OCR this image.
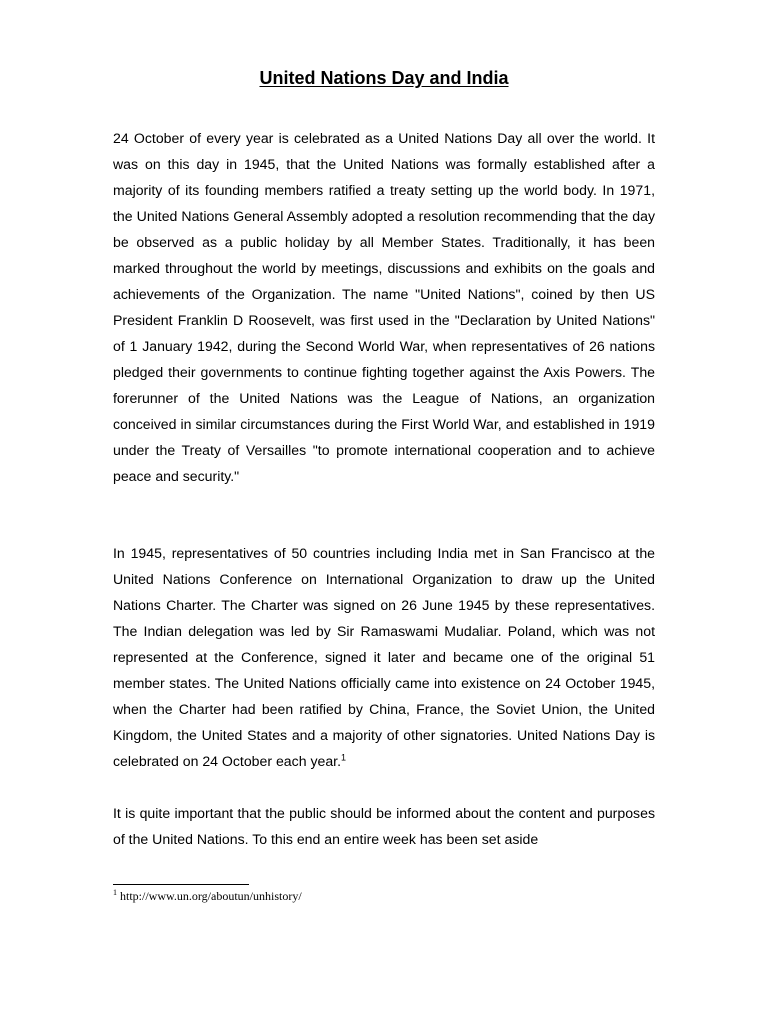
United Nations Day and India

24 October of every year is celebrated as a United Nations Day all over the world. It was on this day in 1945, that the United Nations was formally established after a majority of its founding members ratified a treaty setting up the world body. In 1971, the United Nations General Assembly adopted a resolution recommending that the day be observed as a public holiday by all Member States. Traditionally, it has been marked throughout the world by meetings, discussions and exhibits on the goals and achievements of the Organization. The name "United Nations", coined by then US President Franklin D Roosevelt, was first used in the "Declaration by United Nations" of 1 January 1942, during the Second World War, when representatives of 26 nations pledged their governments to continue fighting together against the Axis Powers. The forerunner of the United Nations was the League of Nations, an organization conceived in similar circumstances during the First World War, and established in 1919 under the Treaty of Versailles "to promote international cooperation and to achieve peace and security."

In 1945, representatives of 50 countries including India met in San Francisco at the United Nations Conference on International Organization to draw up the United Nations Charter. The Charter was signed on 26 June 1945 by these representatives. The Indian delegation was led by Sir Ramaswami Mudaliar. Poland, which was not represented at the Conference, signed it later and became one of the original 51 member states. The United Nations officially came into existence on 24 October 1945, when the Charter had been ratified by China, France, the Soviet Union, the United Kingdom, the United States and a majority of other signatories. United Nations Day is celebrated on 24 October each year.$^1$

It is quite important that the public should be informed about the content and purposes of the United Nations. To this end an entire week has been set aside

$^1$ http://www.un.org/aboutun/unhistory/
